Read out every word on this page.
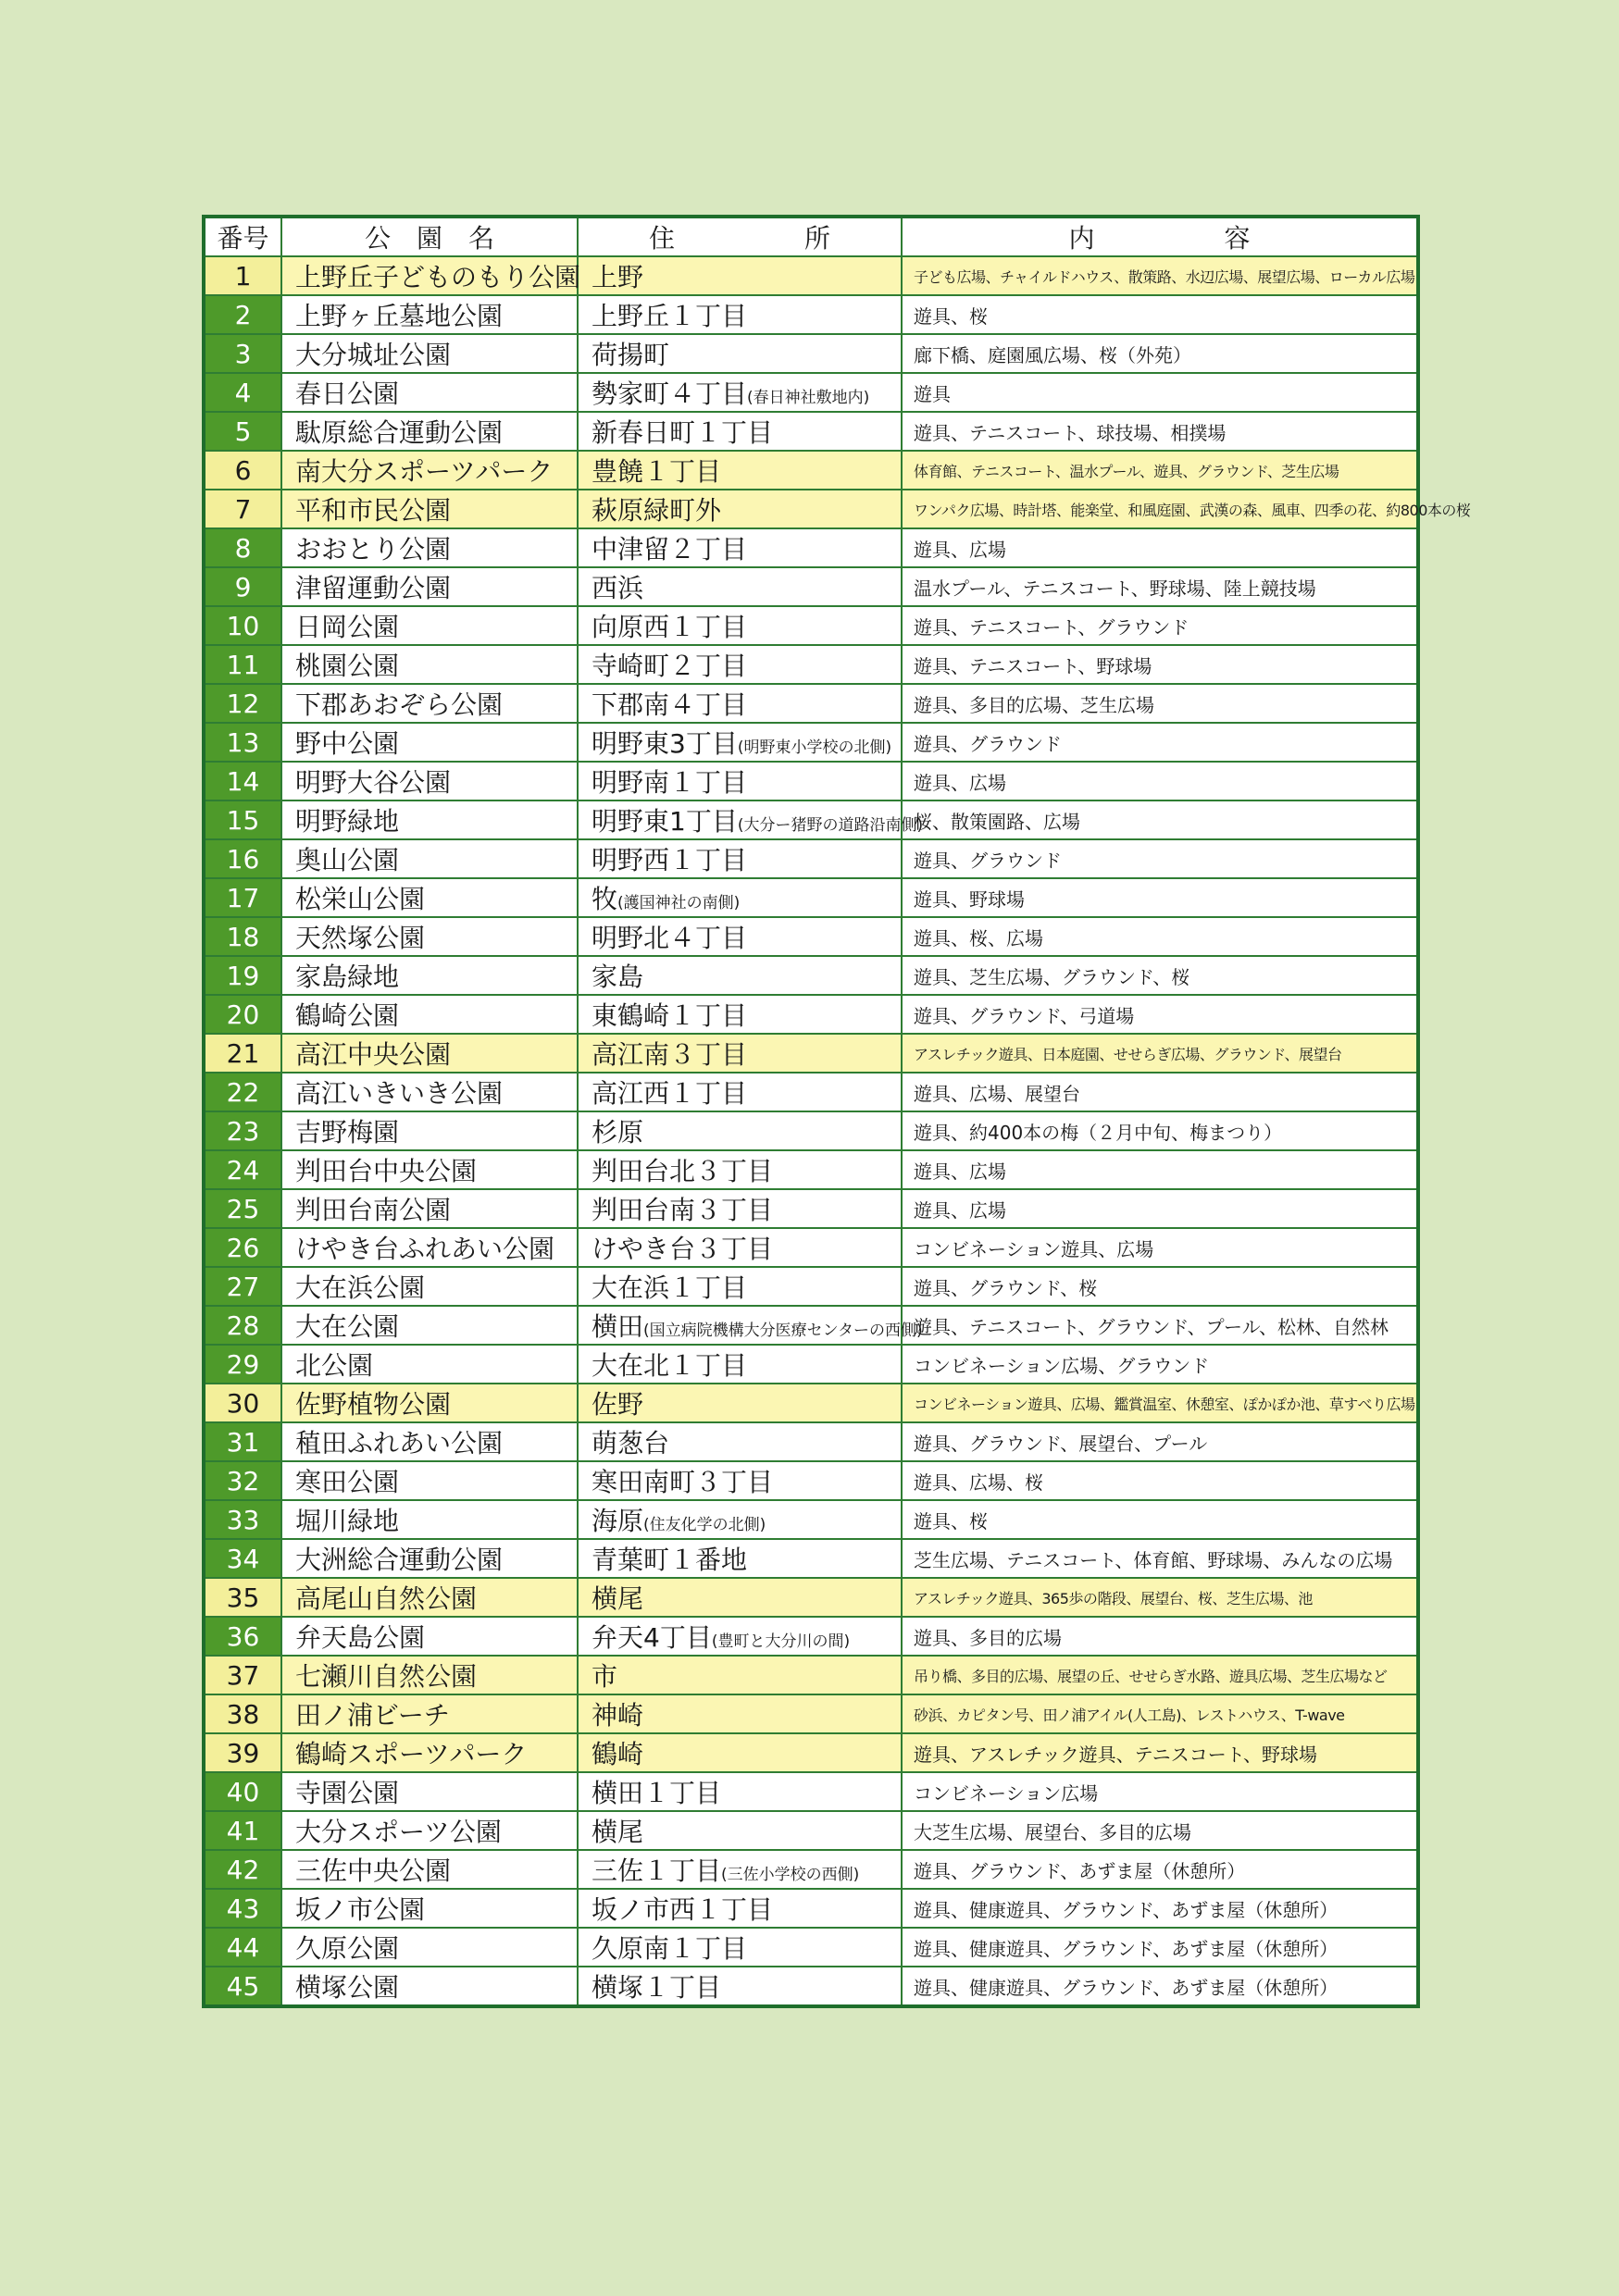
番号	公　園　名	住　　　　　所	内　　　　　容
1	上野丘子どものもり公園	上野	子ども広場、チャイルドハウス、散策路、水辺広場、展望広場、ローカル広場
2	上野ヶ丘墓地公園	上野丘１丁目	遊具、桜
3	大分城址公園	荷揚町	廊下橋、庭園風広場、桜（外苑）
4	春日公園	勢家町４丁目(春日神社敷地内)	遊具
5	駄原総合運動公園	新春日町１丁目	遊具、テニスコート、球技場、相撲場
6	南大分スポーツパーク	豊饒１丁目	体育館、テニスコート、温水プール、遊具、グラウンド、芝生広場
7	平和市民公園	萩原緑町外	ワンパク広場、時計塔、能楽堂、和風庭園、武漢の森、風車、四季の花、約800本の桜
8	おおとり公園	中津留２丁目	遊具、広場
9	津留運動公園	西浜	温水プール、テニスコート、野球場、陸上競技場
10	日岡公園	向原西１丁目	遊具、テニスコート、グラウンド
11	桃園公園	寺崎町２丁目	遊具、テニスコート、野球場
12	下郡あおぞら公園	下郡南４丁目	遊具、多目的広場、芝生広場
13	野中公園	明野東3丁目(明野東小学校の北側)	遊具、グラウンド
14	明野大谷公園	明野南１丁目	遊具、広場
15	明野緑地	明野東1丁目(大分ー猪野の道路沿南側)	桜、散策園路、広場
16	奥山公園	明野西１丁目	遊具、グラウンド
17	松栄山公園	牧(護国神社の南側)	遊具、野球場
18	天然塚公園	明野北４丁目	遊具、桜、広場
19	家島緑地	家島	遊具、芝生広場、グラウンド、桜
20	鶴崎公園	東鶴崎１丁目	遊具、グラウンド、弓道場
21	高江中央公園	高江南３丁目	アスレチック遊具、日本庭園、せせらぎ広場、グラウンド、展望台
22	高江いきいき公園	高江西１丁目	遊具、広場、展望台
23	吉野梅園	杉原	遊具、約400本の梅（２月中旬、梅まつり）
24	判田台中央公園	判田台北３丁目	遊具、広場
25	判田台南公園	判田台南３丁目	遊具、広場
26	けやき台ふれあい公園	けやき台３丁目	コンビネーション遊具、広場
27	大在浜公園	大在浜１丁目	遊具、グラウンド、桜
28	大在公園	横田(国立病院機構大分医療センターの西側)	遊具、テニスコート、グラウンド、プール、松林、自然林
29	北公園	大在北１丁目	コンビネーション広場、グラウンド
30	佐野植物公園	佐野	コンビネーション遊具、広場、鑑賞温室、休憩室、ぽかぽか池、草すべり広場
31	稙田ふれあい公園	萌葱台	遊具、グラウンド、展望台、プール
32	寒田公園	寒田南町３丁目	遊具、広場、桜
33	堀川緑地	海原(住友化学の北側)	遊具、桜
34	大洲総合運動公園	青葉町１番地	芝生広場、テニスコート、体育館、野球場、みんなの広場
35	高尾山自然公園	横尾	アスレチック遊具、365歩の階段、展望台、桜、芝生広場、池
36	弁天島公園	弁天4丁目(豊町と大分川の間)	遊具、多目的広場
37	七瀬川自然公園	市	吊り橋、多目的広場、展望の丘、せせらぎ水路、遊具広場、芝生広場など
38	田ノ浦ビーチ	神崎	砂浜、カピタン号、田ノ浦アイル(人工島)、レストハウス、T-wave
39	鶴崎スポーツパーク	鶴崎	遊具、アスレチック遊具、テニスコート、野球場
40	寺園公園	横田１丁目	コンビネーション広場
41	大分スポーツ公園	横尾	大芝生広場、展望台、多目的広場
42	三佐中央公園	三佐１丁目(三佐小学校の西側)	遊具、グラウンド、あずま屋（休憩所）
43	坂ノ市公園	坂ノ市西１丁目	遊具、健康遊具、グラウンド、あずま屋（休憩所）
44	久原公園	久原南１丁目	遊具、健康遊具、グラウンド、あずま屋（休憩所）
45	横塚公園	横塚１丁目	遊具、健康遊具、グラウンド、あずま屋（休憩所）
